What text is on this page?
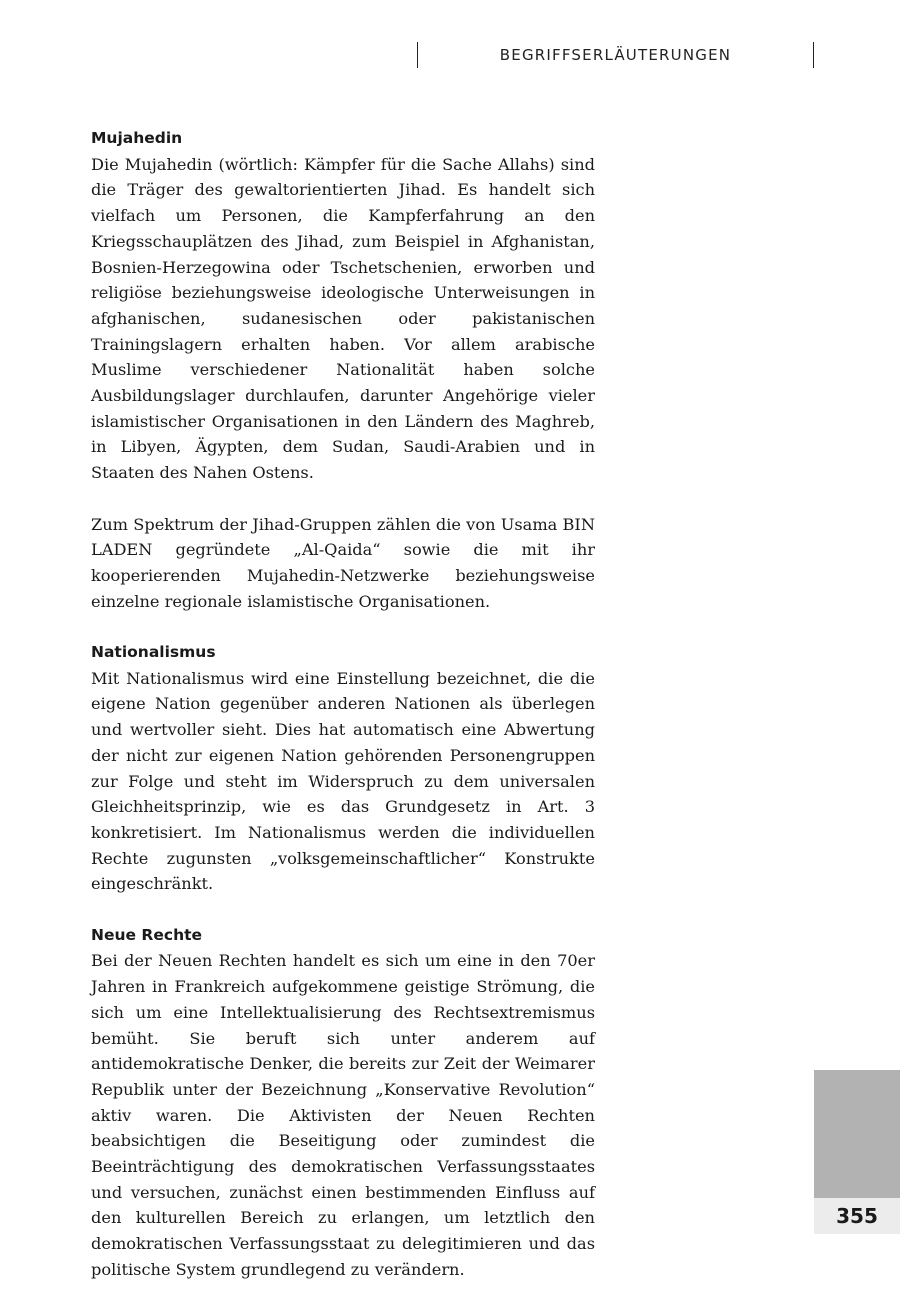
BEGRIFFSERLÄUTERUNGEN
Mujahedin

Die Mujahedin (wörtlich: Kämpfer für die Sache Allahs) sind die Träger des gewaltorientierten Jihad. Es handelt sich vielfach um Personen, die Kampferfahrung an den Kriegsschauplätzen des Jihad, zum Beispiel in Afghanistan, Bosnien-Herzegowina oder Tschetschenien, erworben und religiöse beziehungsweise ideologische Unterweisungen in afghanischen, sudanesischen oder pakistanischen Trainingslagern erhalten haben. Vor allem arabische Muslime verschiedener Nationalität haben solche Ausbildungslager durchlaufen, darunter Angehörige vieler islamistischer Organisationen in den Ländern des Maghreb, in Libyen, Ägypten, dem Sudan, Saudi-Arabien und in Staaten des Nahen Ostens.

Zum Spektrum der Jihad-Gruppen zählen die von Usama BIN LADEN gegründete „Al-Qaida“ sowie die mit ihr kooperierenden Mujahedin-Netzwerke beziehungsweise einzelne regionale islamistische Organisationen.

Nationalismus

Mit Nationalismus wird eine Einstellung bezeichnet, die die eigene Nation gegenüber anderen Nationen als überlegen und wertvoller sieht. Dies hat automatisch eine Abwertung der nicht zur eigenen Nation gehörenden Personengruppen zur Folge und steht im Widerspruch zu dem universalen Gleichheitsprinzip, wie es das Grundgesetz in Art. 3 konkretisiert. Im Nationalismus werden die individuellen Rechte zugunsten „volksgemeinschaftlicher“ Konstrukte eingeschränkt.

Neue Rechte

Bei der Neuen Rechten handelt es sich um eine in den 70er Jahren in Frankreich aufgekommene geistige Strömung, die sich um eine Intellektualisierung des Rechtsextremismus bemüht. Sie beruft sich unter anderem auf antidemokratische Denker, die bereits zur Zeit der Weimarer Republik unter der Bezeichnung „Konservative Revolution“ aktiv waren. Die Aktivisten der Neuen Rechten beabsichtigen die Beseitigung oder zumindest die Beeinträchtigung des demokratischen Verfassungsstaates und versuchen, zunächst einen bestimmenden Einfluss auf den kulturellen Bereich zu erlangen, um letztlich den demokratischen Verfassungsstaat zu delegitimieren und das politische System grundlegend zu verändern.

355
